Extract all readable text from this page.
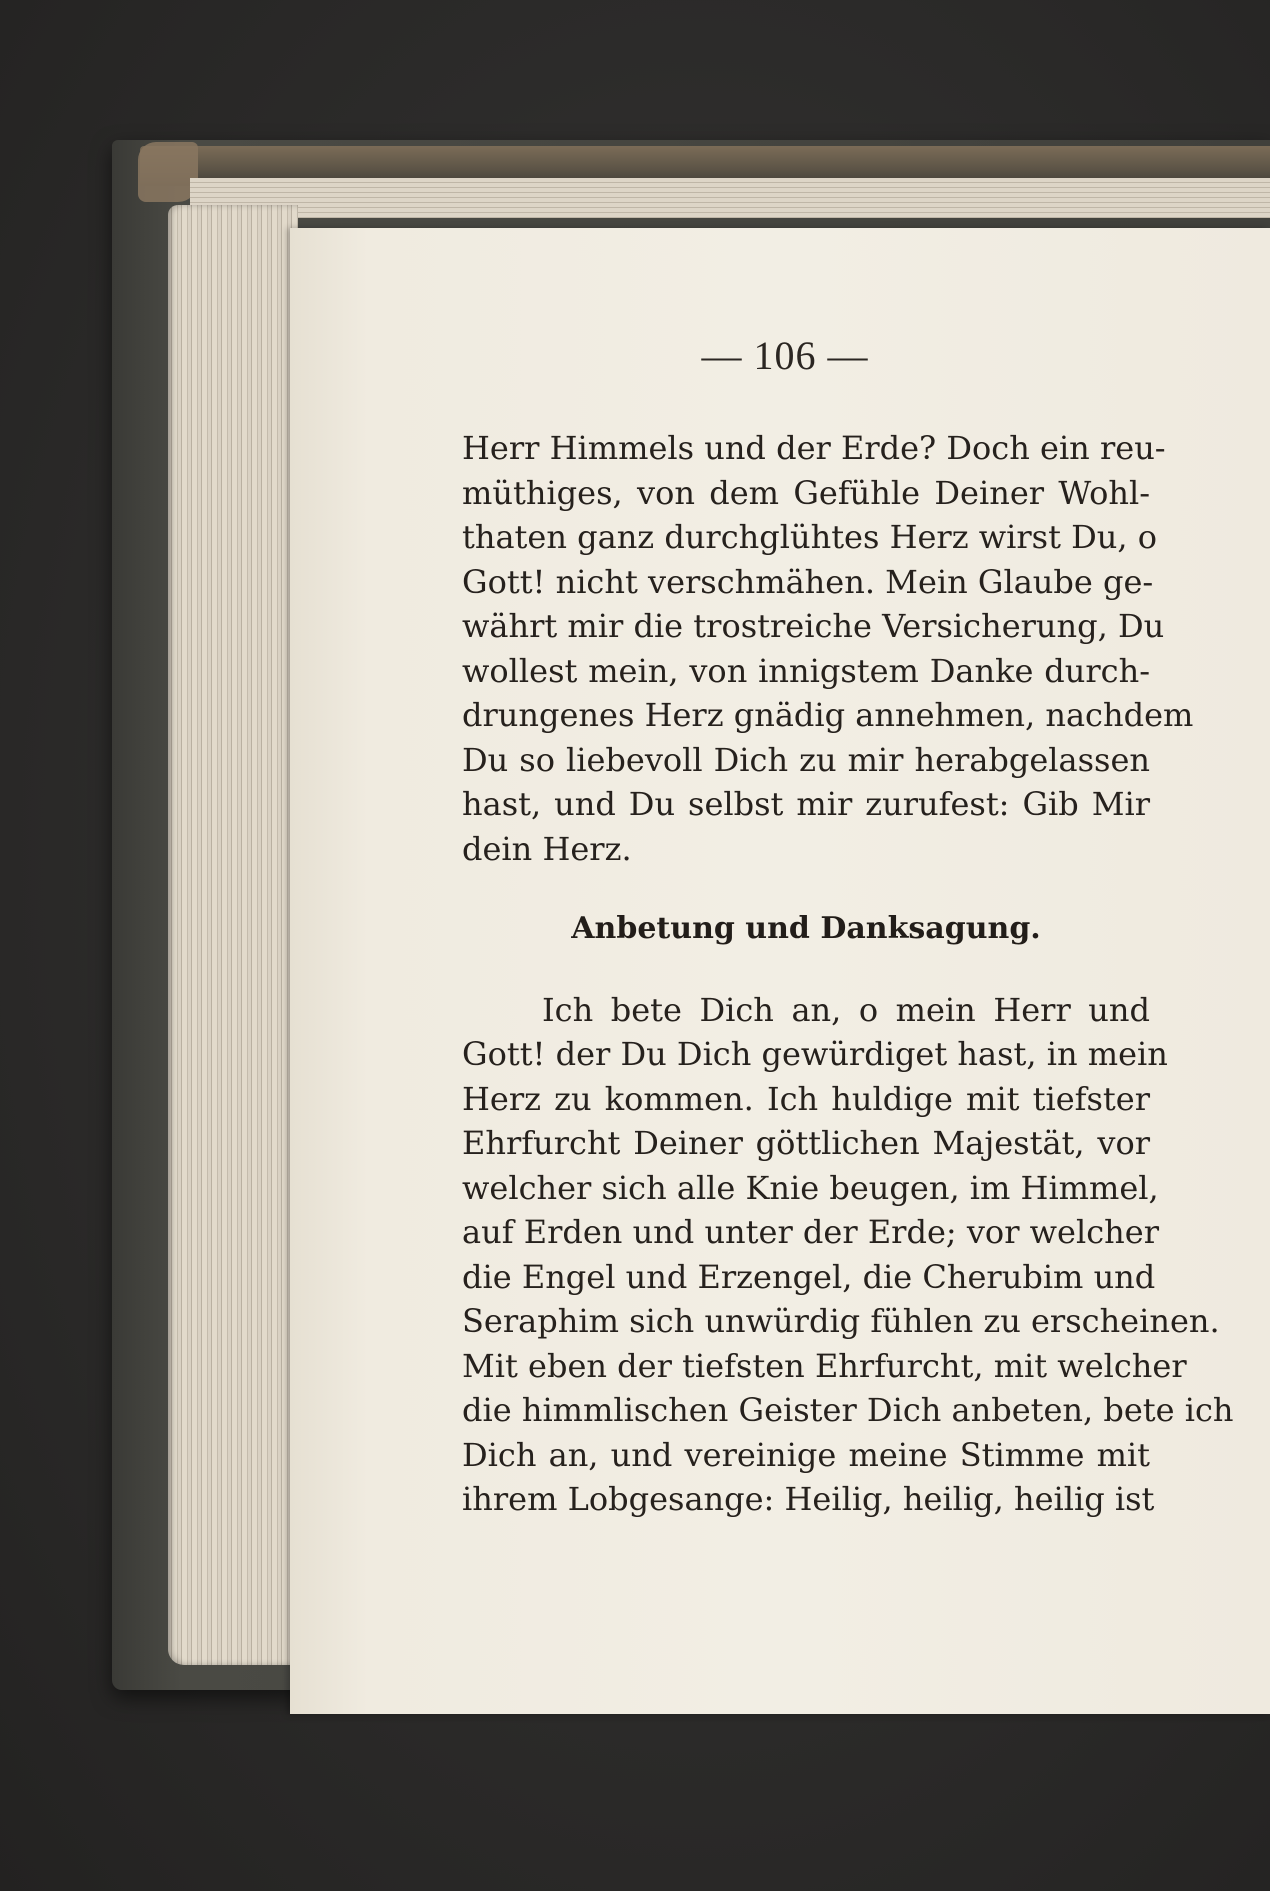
— 106 —
Herr Himmels und der Erde? Doch ein reu-
müthiges, von dem Gefühle Deiner Wohl-
thaten ganz durchglühtes Herz wirst Du, o
Gott! nicht verschmähen. Mein Glaube ge-
währt mir die trostreiche Versicherung, Du
wollest mein, von innigstem Danke durch-
drungenes Herz gnädig annehmen, nachdem
Du so liebevoll Dich zu mir herabgelassen
hast, und Du selbst mir zurufest: Gib Mir
dein Herz.
Anbetung und Danksagung.
Ich bete Dich an, o mein Herr und
Gott! der Du Dich gewürdiget hast, in mein
Herz zu kommen. Ich huldige mit tiefster
Ehrfurcht Deiner göttlichen Majestät, vor
welcher sich alle Knie beugen, im Himmel,
auf Erden und unter der Erde; vor welcher
die Engel und Erzengel, die Cherubim und
Seraphim sich unwürdig fühlen zu erscheinen.
Mit eben der tiefsten Ehrfurcht, mit welcher
die himmlischen Geister Dich anbeten, bete ich
Dich an, und vereinige meine Stimme mit
ihrem Lobgesange: Heilig, heilig, heilig ist
